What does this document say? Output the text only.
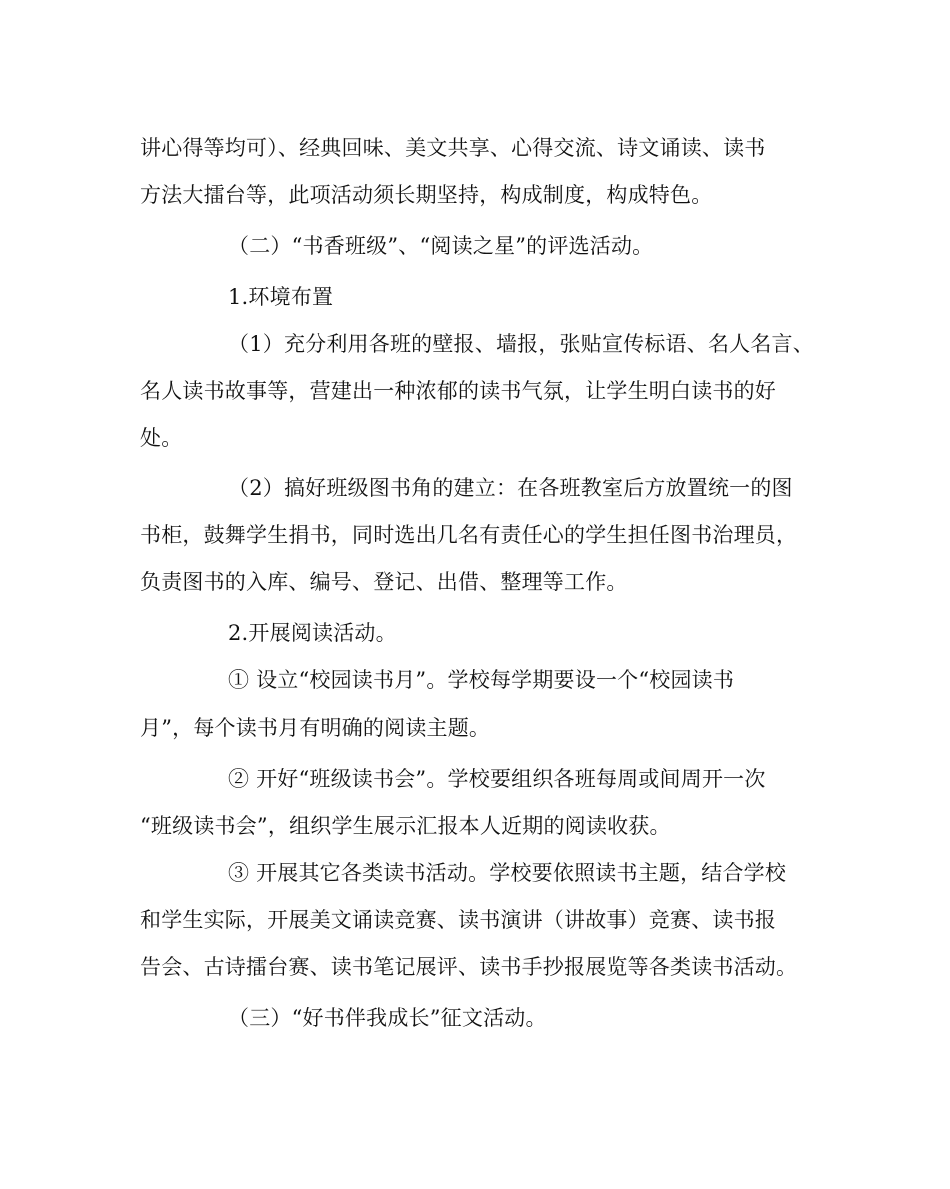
讲心得等均可）、经典回味、美文共享、心得交流、诗文诵读、读书
方法大擂台等，此项活动须长期坚持，构成制度，构成特色。
（二）“书香班级”、“阅读之星”的评选活动。
1.环境布置
（1）充分利用各班的壁报、墙报，张贴宣传标语、名人名言、
名人读书故事等，营建出一种浓郁的读书气氛，让学生明白读书的好
处。
（2）搞好班级图书角的建立：在各班教室后方放置统一的图
书柜，鼓舞学生捐书，同时选出几名有责任心的学生担任图书治理员，
负责图书的入库、编号、登记、出借、整理等工作。
2.开展阅读活动。
① 设立“校园读书月”。学校每学期要设一个“校园读书
月”，每个读书月有明确的阅读主题。
② 开好“班级读书会”。学校要组织各班每周或间周开一次
“班级读书会”，组织学生展示汇报本人近期的阅读收获。
③ 开展其它各类读书活动。学校要依照读书主题，结合学校
和学生实际，开展美文诵读竞赛、读书演讲（讲故事）竞赛、读书报
告会、古诗擂台赛、读书笔记展评、读书手抄报展览等各类读书活动。
（三）“好书伴我成长”征文活动。
